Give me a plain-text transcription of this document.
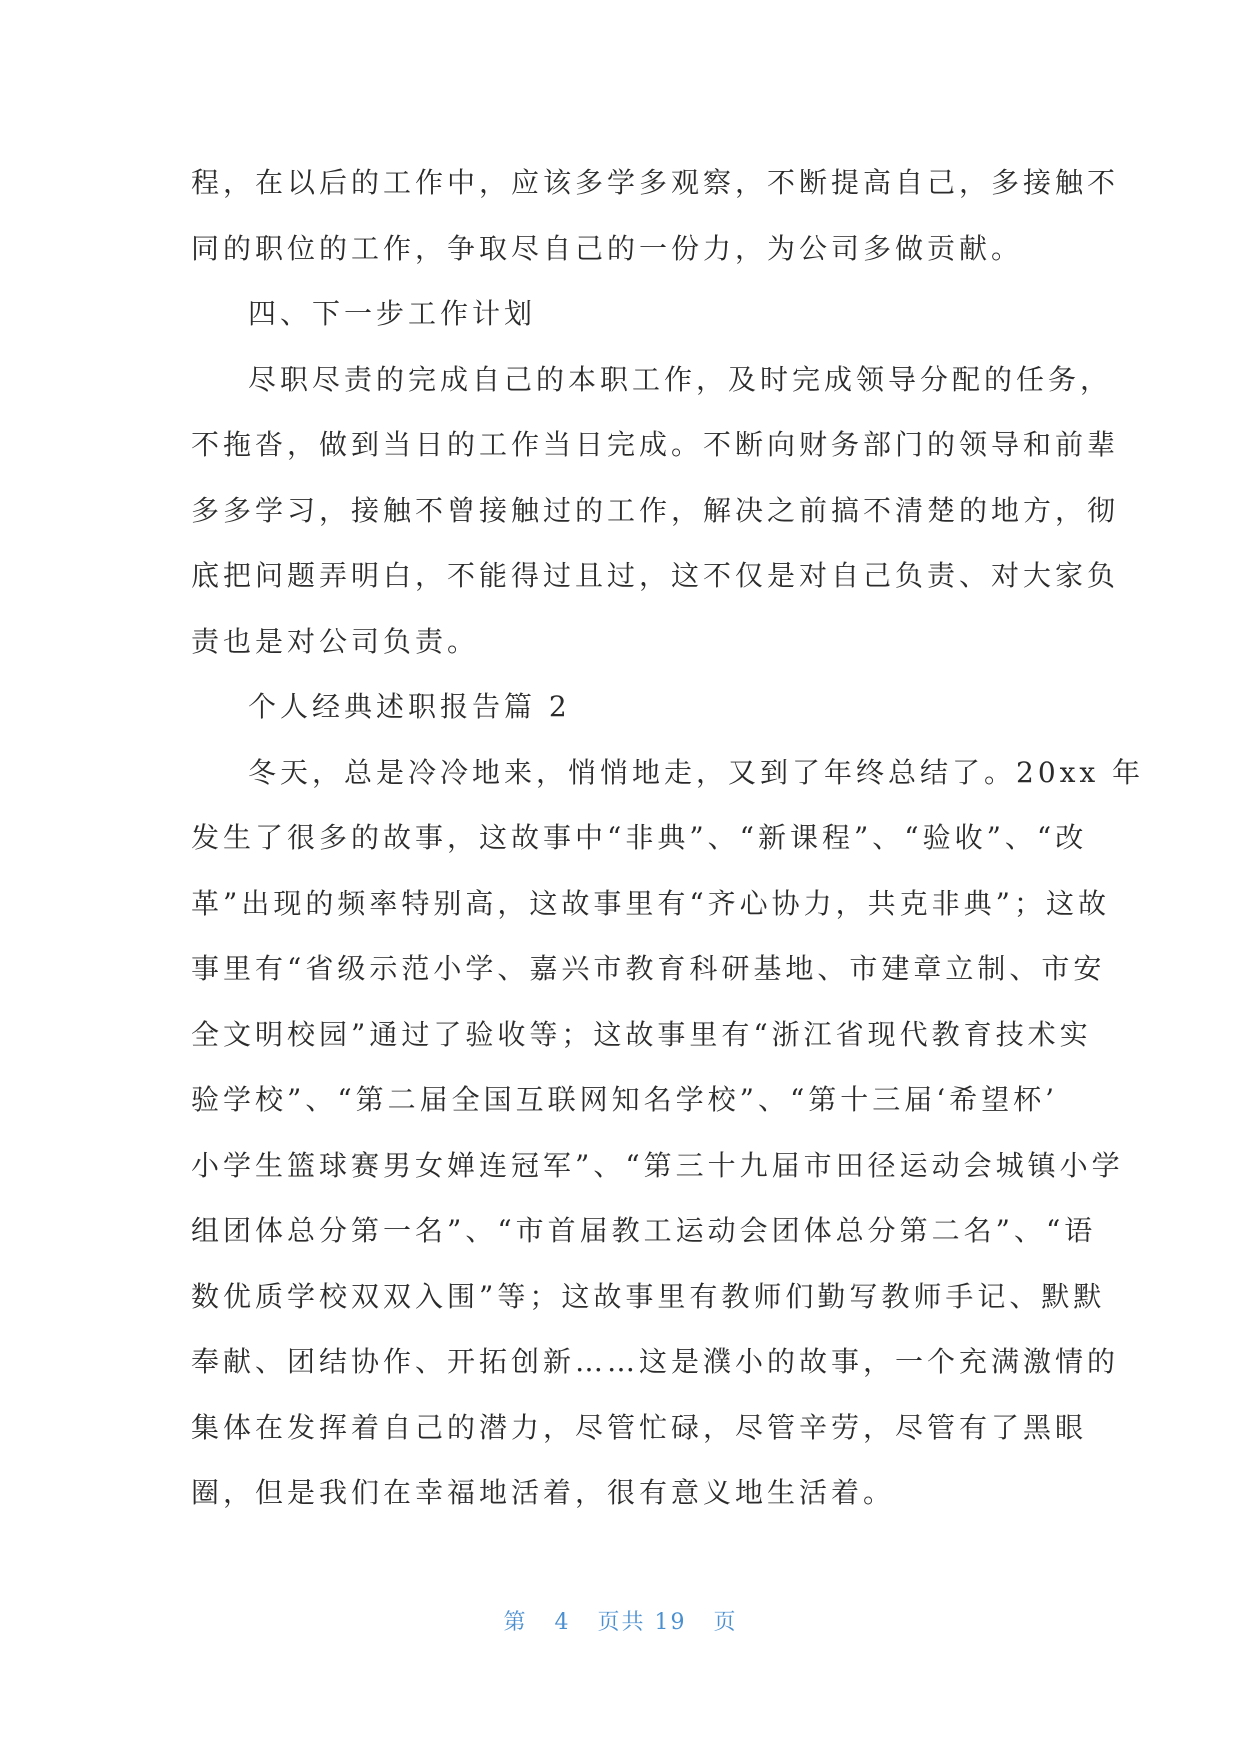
程，在以后的工作中，应该多学多观察，不断提高自己，多接触不
同的职位的工作，争取尽自己的一份力，为公司多做贡献。
四、下一步工作计划
尽职尽责的完成自己的本职工作，及时完成领导分配的任务，
不拖沓，做到当日的工作当日完成。不断向财务部门的领导和前辈
多多学习，接触不曾接触过的工作，解决之前搞不清楚的地方，彻
底把问题弄明白，不能得过且过，这不仅是对自己负责、对大家负
责也是对公司负责。
个人经典述职报告篇 2
冬天，总是冷冷地来，悄悄地走，又到了年终总结了。20xx 年
发生了很多的故事，这故事中“非典”、“新课程”、“验收”、“改
革”出现的频率特别高，这故事里有“齐心协力，共克非典”；这故
事里有“省级示范小学、嘉兴市教育科研基地、市建章立制、市安
全文明校园”通过了验收等；这故事里有“浙江省现代教育技术实
验学校”、“第二届全国互联网知名学校”、“第十三届‘希望杯’
小学生篮球赛男女婵连冠军”、“第三十九届市田径运动会城镇小学
组团体总分第一名”、“市首届教工运动会团体总分第二名”、“语
数优质学校双双入围”等；这故事里有教师们勤写教师手记、默默
奉献、团结协作、开拓创新……这是濮小的故事，一个充满激情的
集体在发挥着自己的潜力，尽管忙碌，尽管辛劳，尽管有了黑眼
圈，但是我们在幸福地活着，很有意义地生活着。
第 4 页共 19 页
